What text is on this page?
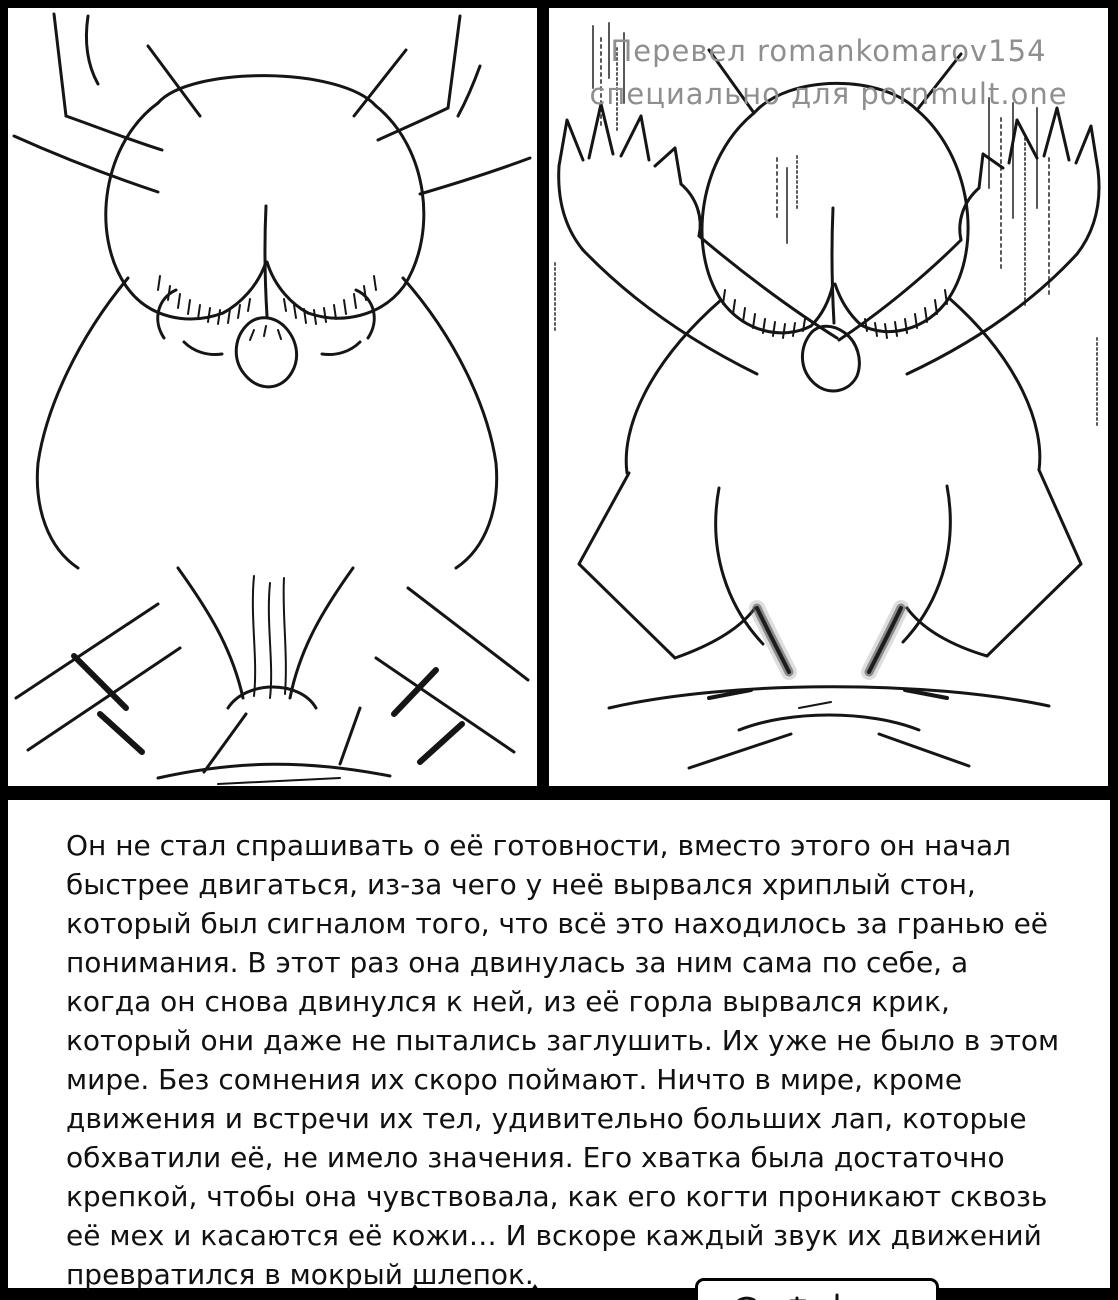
Перевел romankomarov154
специально для pornmult.one
Он не стал спрашивать о её готовности, вместо этого он начал быстрее двигаться, из-за чего у неё вырвался хриплый стон, который был сигналом того, что всё это находилось за гранью её понимания. В этот раз она двинулась за ним сама по себе, а когда он снова двинулся к ней, из её горла вырвался крик, который они даже не пытались заглушить. Их уже не было в этом мире. Без сомнения их скоро поймают. Ничто в мире, кроме движения и встречи их тел, удивительно больших лап, которые обхватили её, не имело значения. Его хватка была достаточно крепкой, чтобы она чувствовала, как его когти проникают сквозь её мех и касаются её кожи… И вскоре каждый звук их движений превратился в мокрый шлепок.
